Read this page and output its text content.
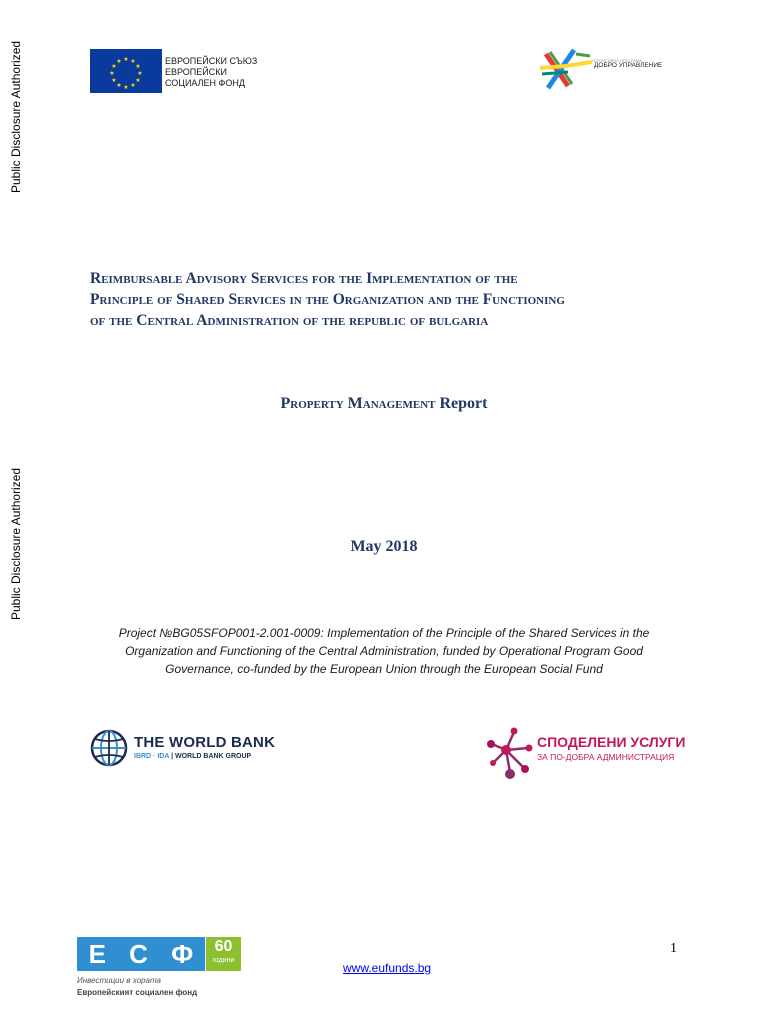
Public Disclosure Authorized
Public Disclosure Authorized
★ ★
★
★
★
★
★
★
★
★
★
★	ЕВРОПЕЙСКИ СЪЮЗ
ЕВРОПЕЙСКИ
СОЦИАЛЕН ФОНД
ОПЕРАТИВНА ПРОГРАМА
ДОБРО УПРАВЛЕНИЕ
Reimbursable Advisory Services for the Implementation of the
Principle of Shared Services in the Organization and the Functioning
of the Central Administration of the republic of bulgaria
Property Management Report
May 2018
Project №BG05SFOP001-2.001-0009: Implementation of the Principle of the Shared Services in the Organization and Functioning of the Central Administration, funded by Operational Program Good Governance, co-funded by the European Union through the European Social Fund
THE WORLD BANK
IBRD · IDA | WORLD BANK GROUP
СПОДЕЛЕНИ УСЛУГИ
ЗА ПО-ДОБРА АДМИНИСТРАЦИЯ
Е С Ф	60
години
Инвестиции в хората
Европейският социален фонд
www.eufunds.bg
1
